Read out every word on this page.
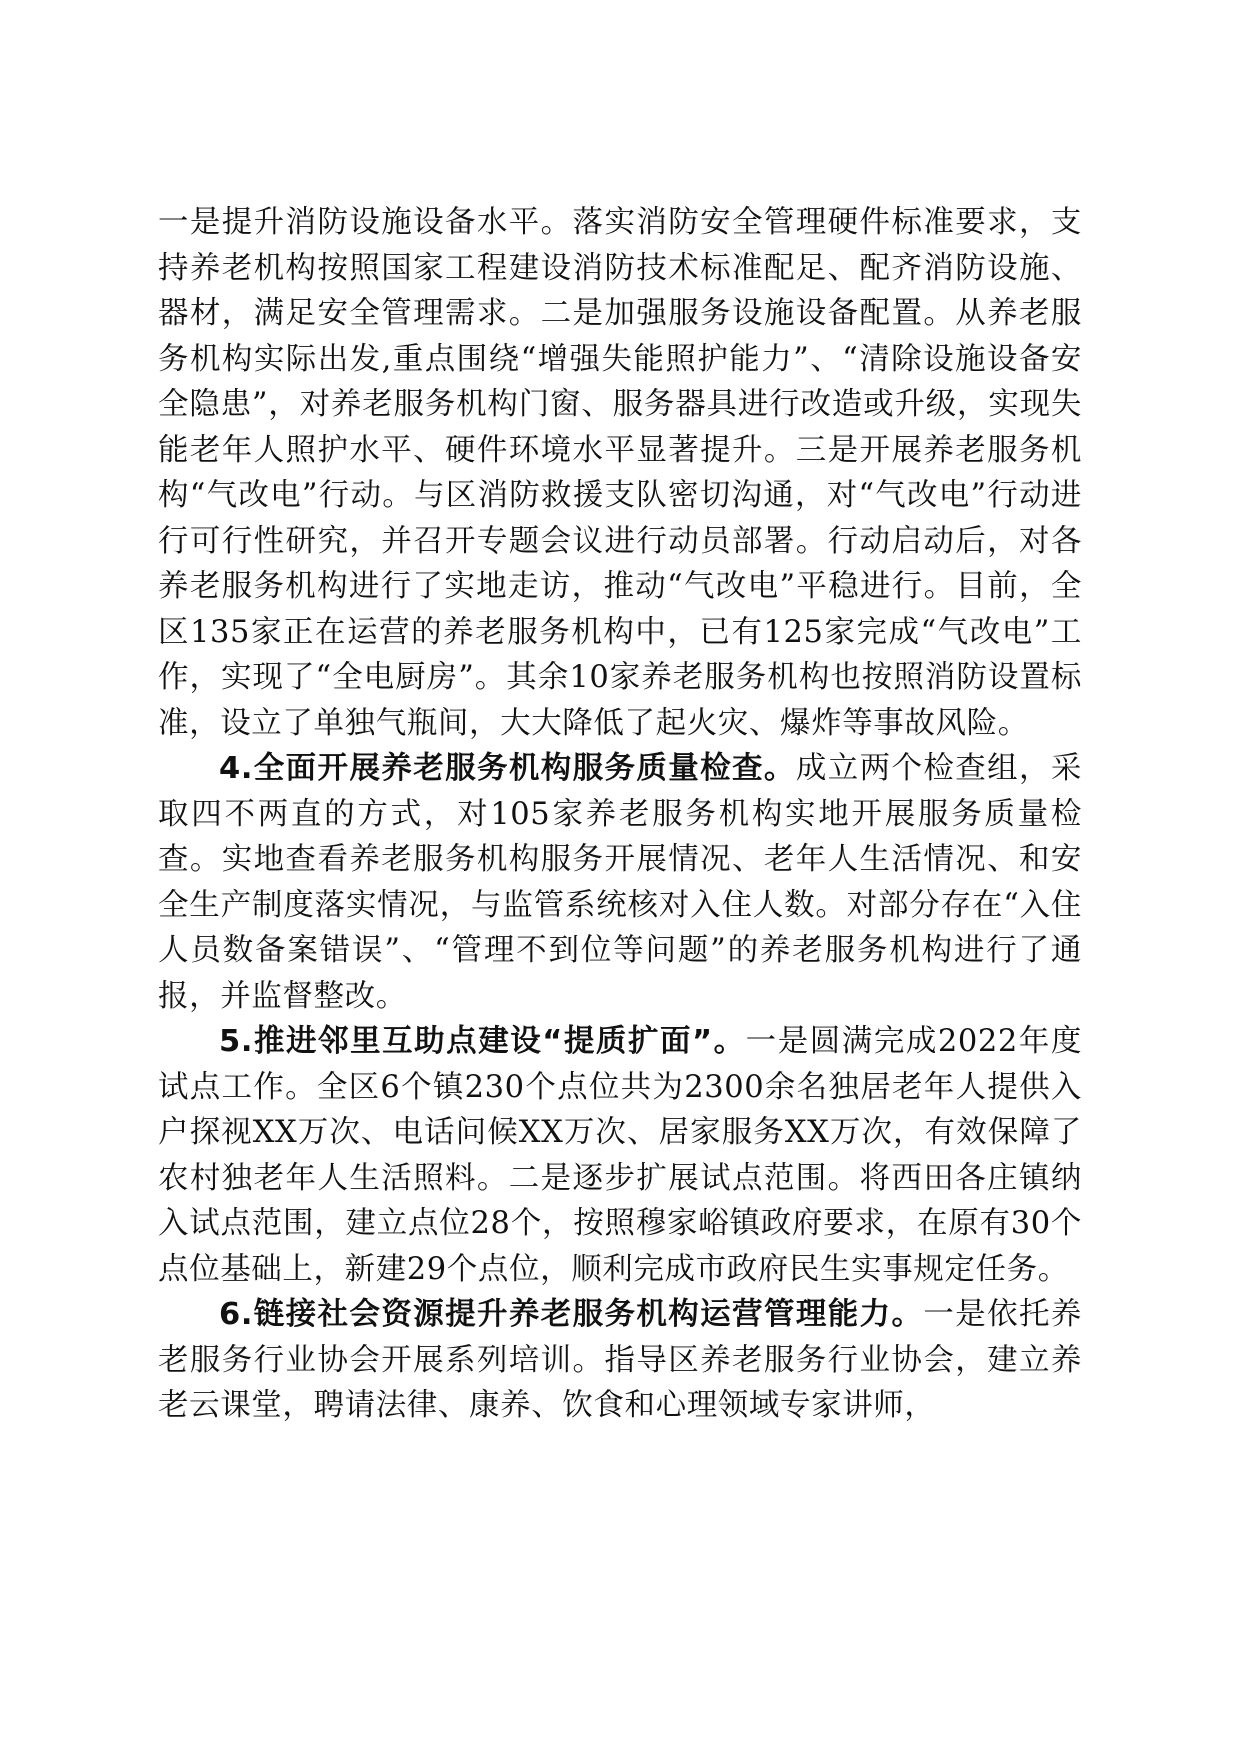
一是提升消防设施设备水平。落实消防安全管理硬件标准要求，支持养老机构按照国家工程建设消防技术标准配足、配齐消防设施、器材，满足安全管理需求。二是加强服务设施设备配置。从养老服务机构实际出发,重点围绕“增强失能照护能力”、“清除设施设备安全隐患”，对养老服务机构门窗、服务器具进行改造或升级，实现失能老年人照护水平、硬件环境水平显著提升。三是开展养老服务机构“气改电”行动。与区消防救援支队密切沟通，对“气改电”行动进行可行性研究，并召开专题会议进行动员部署。行动启动后，对各养老服务机构进行了实地走访，推动“气改电”平稳进行。目前，全区135家正在运营的养老服务机构中，已有125家完成“气改电”工作，实现了“全电厨房”。其余10家养老服务机构也按照消防设置标准，设立了单独气瓶间，大大降低了起火灾、爆炸等事故风险。

4.全面开展养老服务机构服务质量检查。成立两个检查组，采取四不两直的方式，对105家养老服务机构实地开展服务质量检查。实地查看养老服务机构服务开展情况、老年人生活情况、和安全生产制度落实情况，与监管系统核对入住人数。对部分存在“入住人员数备案错误”、“管理不到位等问题”的养老服务机构进行了通报，并监督整改。

5.推进邻里互助点建设“提质扩面”。一是圆满完成2022年度试点工作。全区6个镇230个点位共为2300余名独居老年人提供入户探视XX万次、电话问候XX万次、居家服务XX万次，有效保障了农村独老年人生活照料。二是逐步扩展试点范围。将西田各庄镇纳入试点范围，建立点位28个，按照穆家峪镇政府要求，在原有30个点位基础上，新建29个点位，顺利完成市政府民生实事规定任务。

6.链接社会资源提升养老服务机构运营管理能力。一是依托养老服务行业协会开展系列培训。指导区养老服务行业协会，建立养老云课堂，聘请法律、康养、饮食和心理领域专家讲师，
